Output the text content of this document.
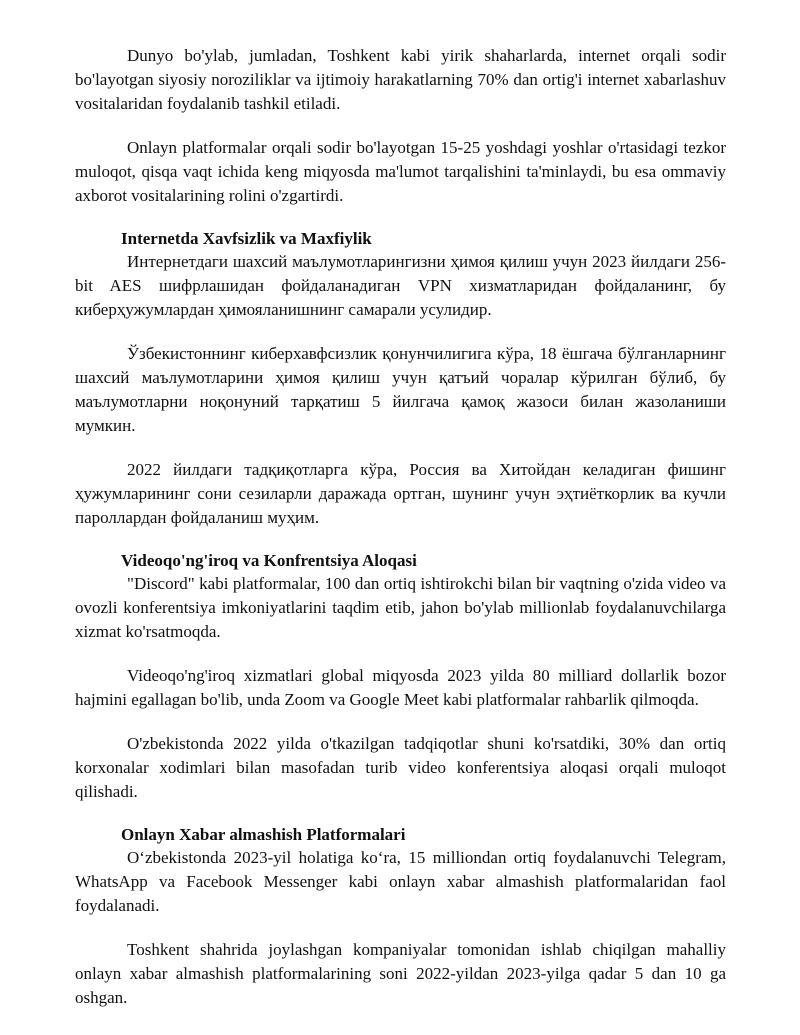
Dunyo bo'ylab, jumladan, Toshkent kabi yirik shaharlarda, internet orqali sodir bo'layotgan siyosiy noroziliklar va ijtimoiy harakatlarning 70% dan ortig'i internet xabarlashuv vositalaridan foydalanib tashkil etiladi.

Onlayn platformalar orqali sodir bo'layotgan 15-25 yoshdagi yoshlar o'rtasidagi tezkor muloqot, qisqa vaqt ichida keng miqyosda ma'lumot tarqalishini ta'minlaydi, bu esa ommaviy axborot vositalarining rolini o'zgartirdi.

Internetda Xavfsizlik va Maxfiylik

Интернетдаги шахсий маълумотларингизни ҳимоя қилиш учун 2023 йилдаги 256-bit AES шифрлашидан фойдаланадиган VPN хизматларидан фойдаланинг, бу киберҳужумлардан ҳимояланишнинг самарали усулидир.

Ўзбекистоннинг киберхавфсизлик қонунчилигига кўра, 18 ёшгача бўлганларнинг шахсий маълумотларини ҳимоя қилиш учун қатъий чоралар кўрилган бўлиб, бу маълумотларни ноқонуний тарқатиш 5 йилгача қамоқ жазоси билан жазоланиши мумкин.

2022 йилдаги тадқиқотларга кўра, Россия ва Хитойдан келадиган фишинг ҳужумларининг сони сезиларли даражада ортган, шунинг учун эҳтиёткорлик ва кучли пароллардан фойдаланиш муҳим.

Videoqo'ng'iroq va Konfrentsiya Aloqasi

"Discord" kabi platformalar, 100 dan ortiq ishtirokchi bilan bir vaqtning o'zida video va ovozli konferentsiya imkoniyatlarini taqdim etib, jahon bo'ylab millionlab foydalanuvchilarga xizmat ko'rsatmoqda.

Videoqo'ng'iroq xizmatlari global miqyosda 2023 yilda 80 milliard dollarlik bozor hajmini egallagan bo'lib, unda Zoom va Google Meet kabi platformalar rahbarlik qilmoqda.

O'zbekistonda 2022 yilda o'tkazilgan tadqiqotlar shuni ko'rsatdiki, 30% dan ortiq korxonalar xodimlari bilan masofadan turib video konferentsiya aloqasi orqali muloqot qilishadi.

Onlayn Xabar almashish Platformalari

O‘zbekistonda 2023-yil holatiga ko‘ra, 15 milliondan ortiq foydalanuvchi Telegram, WhatsApp va Facebook Messenger kabi onlayn xabar almashish platformalaridan faol foydalanadi.

Toshkent shahrida joylashgan kompaniyalar tomonidan ishlab chiqilgan mahalliy onlayn xabar almashish platformalarining soni 2022-yildan 2023-yilga qadar 5 dan 10 ga oshgan.
